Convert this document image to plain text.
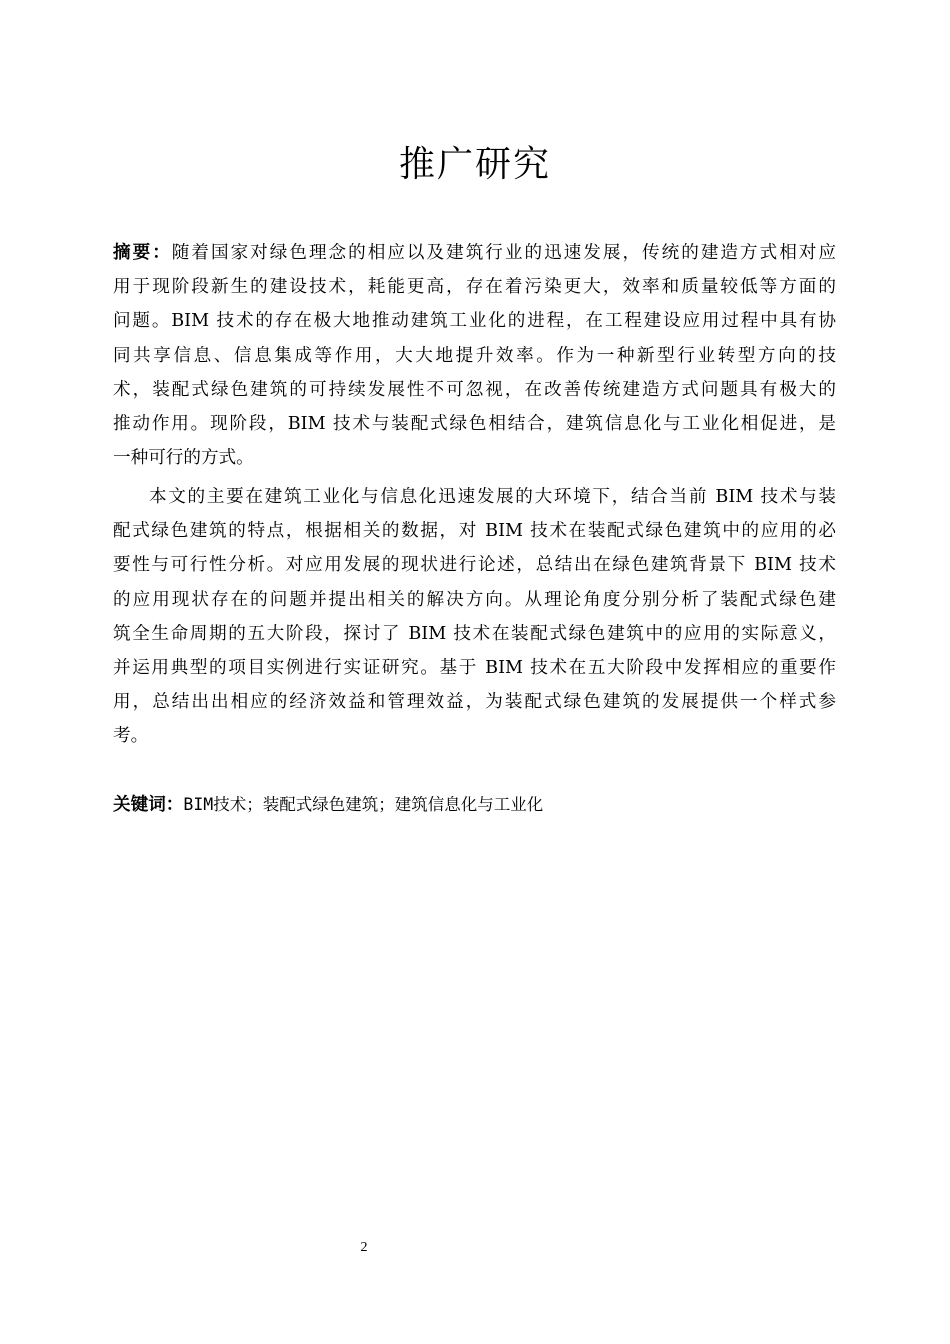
推广研究
摘要：随着国家对绿色理念的相应以及建筑行业的迅速发展，传统的建造方式相对应
用于现阶段新生的建设技术，耗能更高，存在着污染更大，效率和质量较低等方面的
问题。BIM 技术的存在极大地推动建筑工业化的进程，在工程建设应用过程中具有协
同共享信息、信息集成等作用，大大地提升效率。作为一种新型行业转型方向的技
术，装配式绿色建筑的可持续发展性不可忽视，在改善传统建造方式问题具有极大的
推动作用。现阶段，BIM 技术与装配式绿色相结合，建筑信息化与工业化相促进，是
一种可行的方式。
本文的主要在建筑工业化与信息化迅速发展的大环境下，结合当前 BIM 技术与装
配式绿色建筑的特点，根据相关的数据，对 BIM 技术在装配式绿色建筑中的应用的必
要性与可行性分析。对应用发展的现状进行论述，总结出在绿色建筑背景下 BIM 技术
的应用现状存在的问题并提出相关的解决方向。从理论角度分别分析了装配式绿色建
筑全生命周期的五大阶段，探讨了 BIM 技术在装配式绿色建筑中的应用的实际意义，
并运用典型的项目实例进行实证研究。基于 BIM 技术在五大阶段中发挥相应的重要作
用，总结出出相应的经济效益和管理效益，为装配式绿色建筑的发展提供一个样式参
考。
关键词：BIM技术；装配式绿色建筑；建筑信息化与工业化
2
